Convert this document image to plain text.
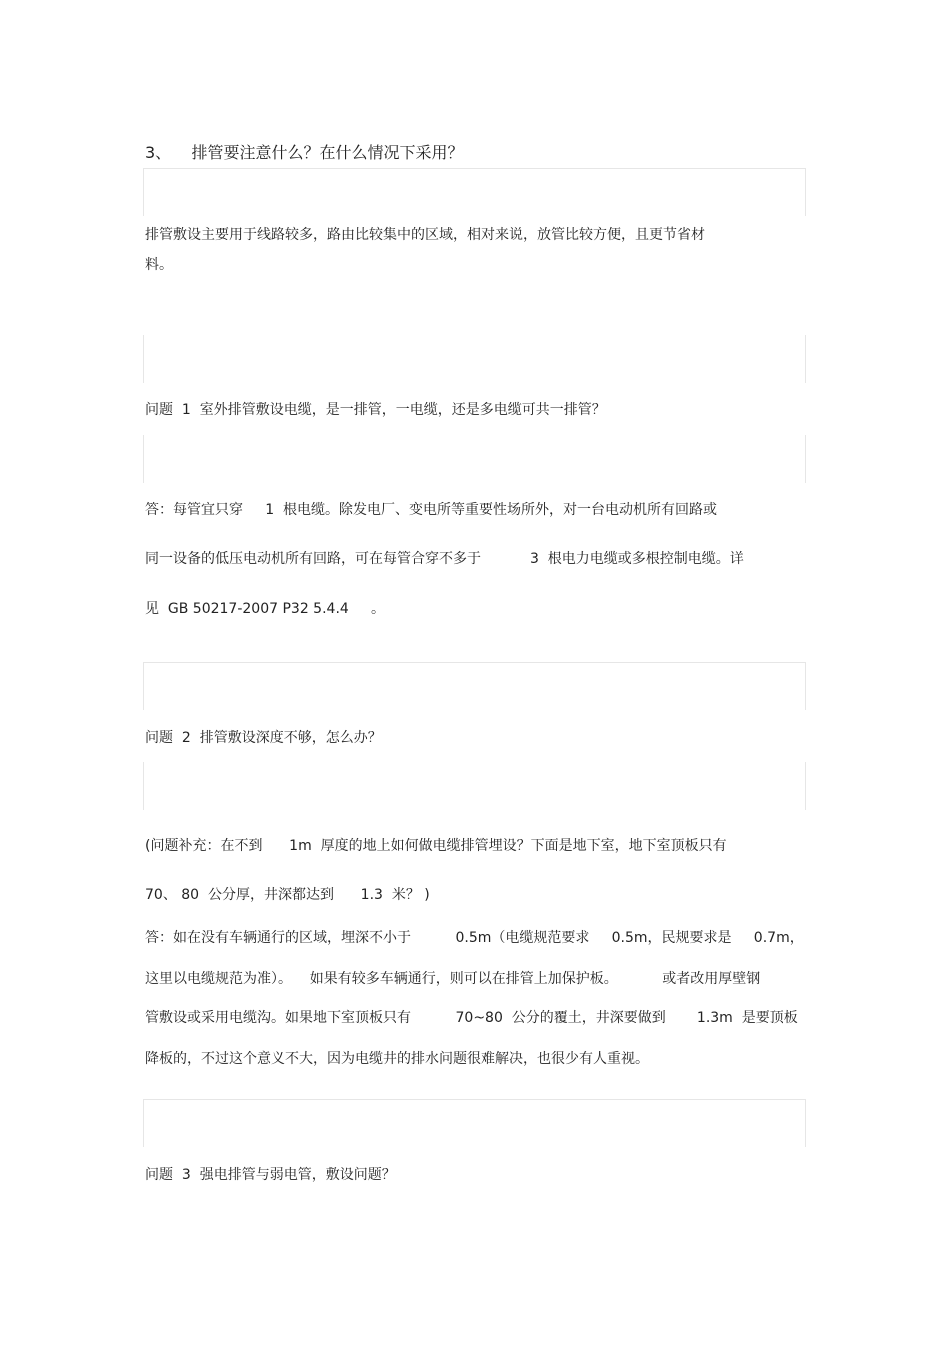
3、    排管要注意什么？在什么情况下采用？
排管敷设主要用于线路较多，路由比较集中的区域，相对来说，放管比较方便，且更节省材
料。
问题  1  室外排管敷设电缆，是一排管，一电缆，还是多电缆可共一排管？
答：每管宜只穿     1  根电缆。除发电厂、变电所等重要性场所外，对一台电动机所有回路或
同一设备的低压电动机所有回路，可在每管合穿不多于           3  根电力电缆或多根控制电缆。详
见  GB 50217-2007 P32 5.4.4     。
问题  2  排管敷设深度不够，怎么办？
(问题补充：在不到      1m  厚度的地上如何做电缆排管埋设？下面是地下室，地下室顶板只有
70、 80  公分厚，井深都达到      1.3  米？ )
答：如在没有车辆通行的区域，埋深不小于          0.5m（电缆规范要求     0.5m，民规要求是     0.7m，
这里以电缆规范为准）。    如果有较多车辆通行，则可以在排管上加保护板。          或者改用厚壁钢
管敷设或采用电缆沟。如果地下室顶板只有          70~80  公分的覆土，井深要做到       1.3m  是要顶板
降板的，不过这个意义不大，因为电缆井的排水问题很难解决，也很少有人重视。
问题  3  强电排管与弱电管，敷设问题？
